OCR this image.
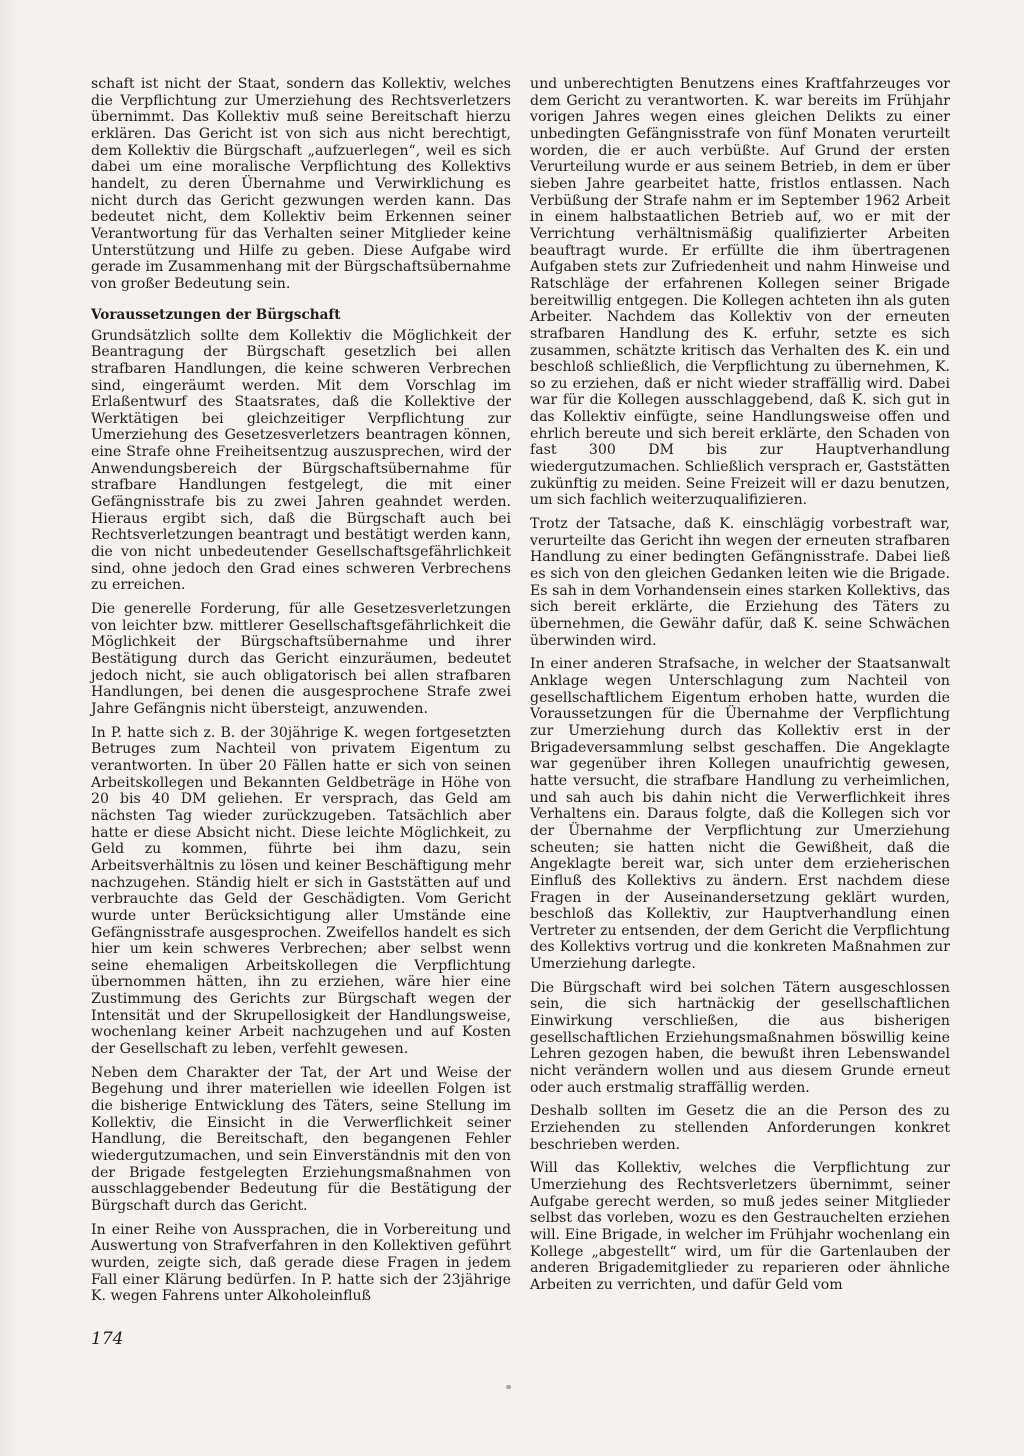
schaft ist nicht der Staat, sondern das Kollektiv, welches die Verpflichtung zur Umerziehung des Rechtsverletzers übernimmt. Das Kollektiv muß seine Bereitschaft hierzu erklären. Das Gericht ist von sich aus nicht berechtigt, dem Kollektiv die Bürgschaft „aufzuerlegen“, weil es sich dabei um eine moralische Verpflichtung des Kollektivs handelt, zu deren Übernahme und Verwirklichung es nicht durch das Gericht gezwungen werden kann. Das bedeutet nicht, dem Kollektiv beim Erkennen seiner Verantwortung für das Verhalten seiner Mitglieder keine Unterstützung und Hilfe zu geben. Diese Aufgabe wird gerade im Zusammenhang mit der Bürgschaftsübernahme von großer Bedeutung sein.

Voraussetzungen der Bürgschaft

Grundsätzlich sollte dem Kollektiv die Möglichkeit der Beantragung der Bürgschaft gesetzlich bei allen strafbaren Handlungen, die keine schweren Verbrechen sind, eingeräumt werden. Mit dem Vorschlag im Erlaßentwurf des Staatsrates, daß die Kollektive der Werktätigen bei gleichzeitiger Verpflichtung zur Umerziehung des Gesetzesverletzers beantragen können, eine Strafe ohne Freiheitsentzug auszusprechen, wird der Anwendungsbereich der Bürgschaftsübernahme für strafbare Handlungen festgelegt, die mit einer Gefängnisstrafe bis zu zwei Jahren geahndet werden. Hieraus ergibt sich, daß die Bürgschaft auch bei Rechtsverletzungen beantragt und bestätigt werden kann, die von nicht unbedeutender Gesellschaftsgefährlichkeit sind, ohne jedoch den Grad eines schweren Verbrechens zu erreichen.

Die generelle Forderung, für alle Gesetzesverletzungen von leichter bzw. mittlerer Gesellschaftsgefährlichkeit die Möglichkeit der Bürgschaftsübernahme und ihrer Bestätigung durch das Gericht einzuräumen, bedeutet jedoch nicht, sie auch obligatorisch bei allen strafbaren Handlungen, bei denen die ausgesprochene Strafe zwei Jahre Gefängnis nicht übersteigt, anzuwenden.

In P. hatte sich z. B. der 30jährige K. wegen fortgesetzten Betruges zum Nachteil von privatem Eigentum zu verantworten. In über 20 Fällen hatte er sich von seinen Arbeitskollegen und Bekannten Geldbeträge in Höhe von 20 bis 40 DM geliehen. Er versprach, das Geld am nächsten Tag wieder zurückzugeben. Tatsächlich aber hatte er diese Absicht nicht. Diese leichte Möglichkeit, zu Geld zu kommen, führte bei ihm dazu, sein Arbeitsverhältnis zu lösen und keiner Beschäftigung mehr nachzugehen. Ständig hielt er sich in Gaststätten auf und verbrauchte das Geld der Geschädigten. Vom Gericht wurde unter Berücksichtigung aller Umstände eine Gefängnisstrafe ausgesprochen. Zweifellos handelt es sich hier um kein schweres Verbrechen; aber selbst wenn seine ehemaligen Arbeitskollegen die Verpflichtung übernommen hätten, ihn zu erziehen, wäre hier eine Zustimmung des Gerichts zur Bürgschaft wegen der Intensität und der Skrupellosigkeit der Handlungsweise, wochenlang keiner Arbeit nachzugehen und auf Kosten der Gesellschaft zu leben, verfehlt gewesen.

Neben dem Charakter der Tat, der Art und Weise der Begehung und ihrer materiellen wie ideellen Folgen ist die bisherige Entwicklung des Täters, seine Stellung im Kollektiv, die Einsicht in die Verwerflichkeit seiner Handlung, die Bereitschaft, den begangenen Fehler wiedergutzumachen, und sein Einverständnis mit den von der Brigade festgelegten Erziehungsmaßnahmen von ausschlaggebender Bedeutung für die Bestätigung der Bürgschaft durch das Gericht.

In einer Reihe von Aussprachen, die in Vorbereitung und Auswertung von Strafverfahren in den Kollektiven geführt wurden, zeigte sich, daß gerade diese Fragen in jedem Fall einer Klärung bedürfen. In P. hatte sich der 23jährige K. wegen Fahrens unter Alkoholeinfluß

und unberechtigten Benutzens eines Kraftfahrzeuges vor dem Gericht zu verantworten. K. war bereits im Frühjahr vorigen Jahres wegen eines gleichen Delikts zu einer unbedingten Gefängnisstrafe von fünf Monaten verurteilt worden, die er auch verbüßte. Auf Grund der ersten Verurteilung wurde er aus seinem Betrieb, in dem er über sieben Jahre gearbeitet hatte, fristlos entlassen. Nach Verbüßung der Strafe nahm er im September 1962 Arbeit in einem halbstaatlichen Betrieb auf, wo er mit der Verrichtung verhältnismäßig qualifizierter Arbeiten beauftragt wurde. Er erfüllte die ihm übertragenen Aufgaben stets zur Zufriedenheit und nahm Hinweise und Ratschläge der erfahrenen Kollegen seiner Brigade bereitwillig entgegen. Die Kollegen achteten ihn als guten Arbeiter. Nachdem das Kollektiv von der erneuten strafbaren Handlung des K. erfuhr, setzte es sich zusammen, schätzte kritisch das Verhalten des K. ein und beschloß schließlich, die Verpflichtung zu übernehmen, K. so zu erziehen, daß er nicht wieder straffällig wird. Dabei war für die Kollegen ausschlaggebend, daß K. sich gut in das Kollektiv einfügte, seine Handlungsweise offen und ehrlich bereute und sich bereit erklärte, den Schaden von fast 300 DM bis zur Hauptverhandlung wiedergutzumachen. Schließlich versprach er, Gaststätten zukünftig zu meiden. Seine Freizeit will er dazu benutzen, um sich fachlich weiterzuqualifizieren.

Trotz der Tatsache, daß K. einschlägig vorbestraft war, verurteilte das Gericht ihn wegen der erneuten strafbaren Handlung zu einer bedingten Gefängnisstrafe. Dabei ließ es sich von den gleichen Gedanken leiten wie die Brigade. Es sah in dem Vorhandensein eines starken Kollektivs, das sich bereit erklärte, die Erziehung des Täters zu übernehmen, die Gewähr dafür, daß K. seine Schwächen überwinden wird.

In einer anderen Strafsache, in welcher der Staatsanwalt Anklage wegen Unterschlagung zum Nachteil von gesellschaftlichem Eigentum erhoben hatte, wurden die Voraussetzungen für die Übernahme der Verpflichtung zur Umerziehung durch das Kollektiv erst in der Brigadeversammlung selbst geschaffen. Die Angeklagte war gegenüber ihren Kollegen unaufrichtig gewesen, hatte versucht, die strafbare Handlung zu verheimlichen, und sah auch bis dahin nicht die Verwerflichkeit ihres Verhaltens ein. Daraus folgte, daß die Kollegen sich vor der Übernahme der Verpflichtung zur Umerziehung scheuten; sie hatten nicht die Gewißheit, daß die Angeklagte bereit war, sich unter dem erzieherischen Einfluß des Kollektivs zu ändern. Erst nachdem diese Fragen in der Auseinandersetzung geklärt wurden, beschloß das Kollektiv, zur Hauptverhandlung einen Vertreter zu entsenden, der dem Gericht die Verpflichtung des Kollektivs vortrug und die konkreten Maßnahmen zur Umerziehung darlegte.

Die Bürgschaft wird bei solchen Tätern ausgeschlossen sein, die sich hartnäckig der gesellschaftlichen Einwirkung verschließen, die aus bisherigen gesellschaftlichen Erziehungsmaßnahmen böswillig keine Lehren gezogen haben, die bewußt ihren Lebenswandel nicht verändern wollen und aus diesem Grunde erneut oder auch erstmalig straffällig werden.

Deshalb sollten im Gesetz die an die Person des zu Erziehenden zu stellenden Anforderungen konkret beschrieben werden.

Will das Kollektiv, welches die Verpflichtung zur Umerziehung des Rechtsverletzers übernimmt, seiner Aufgabe gerecht werden, so muß jedes seiner Mitglieder selbst das vorleben, wozu es den Gestrauchelten erziehen will. Eine Brigade, in welcher im Frühjahr wochenlang ein Kollege „abgestellt“ wird, um für die Gartenlauben der anderen Brigademitglieder zu reparieren oder ähnliche Arbeiten zu verrichten, und dafür Geld vom

174
